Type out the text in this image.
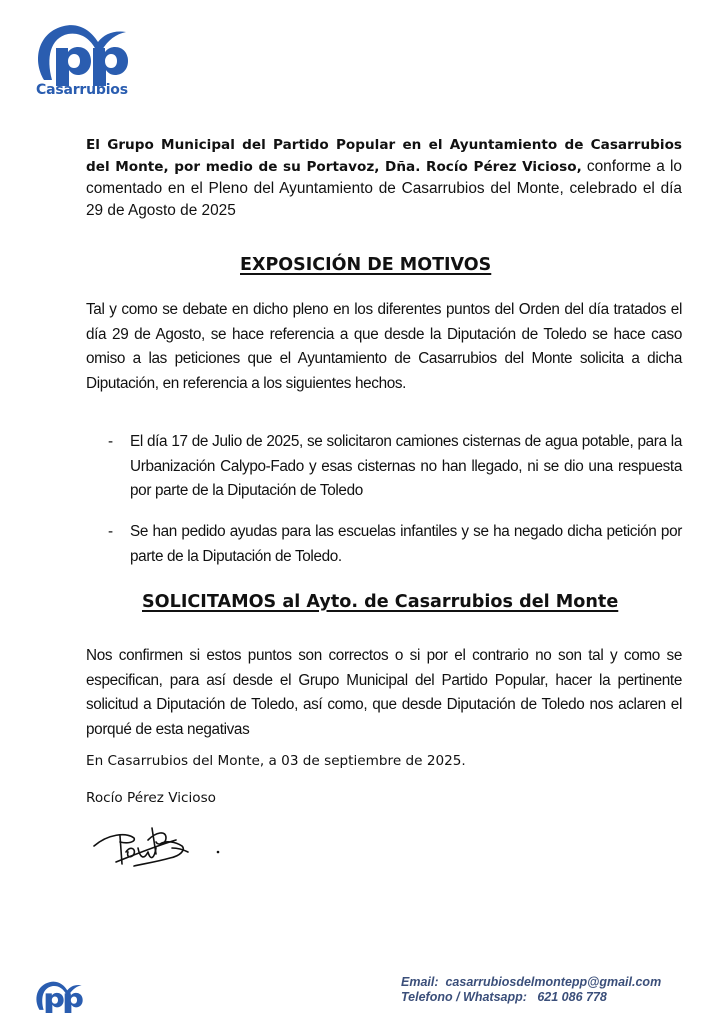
Casarrubios
El Grupo Municipal del Partido Popular en el Ayuntamiento de Casarrubios del Monte, por medio de su Portavoz, Dña. Rocío Pérez Vicioso, conforme a lo comentado en el Pleno del Ayuntamiento de Casarrubios del Monte, celebrado el día 29 de Agosto de 2025
EXPOSICIÓN DE MOTIVOS
Tal y como se debate en dicho pleno en los diferentes puntos del Orden del día tratados el día 29 de Agosto, se hace referencia a que desde la Diputación de Toledo se hace caso omiso a las peticiones que el Ayuntamiento de Casarrubios del Monte solicita a dicha Diputación, en referencia a los siguientes hechos.
-	El día 17 de Julio de 2025, se solicitaron camiones cisternas de agua potable, para la Urbanización Calypo-Fado y esas cisternas no han llegado, ni se dio una respuesta por parte de la Diputación de Toledo
-	Se han pedido ayudas para las escuelas infantiles y se ha negado dicha petición por parte de la Diputación de Toledo.
SOLICITAMOS al Ayto. de Casarrubios del Monte
Nos confirmen si estos puntos son correctos o si por el contrario no son tal y como se especifican, para así desde el Grupo Municipal del Partido Popular, hacer la pertinente solicitud a Diputación de Toledo, así como, que desde Diputación de Toledo nos aclaren el porqué de esta negativas
En Casarrubios del Monte, a 03 de septiembre de 2025.
Rocío Pérez Vicioso
Email: casarrubiosdelmontepp@gmail.com
Telefono / Whatsapp: 621 086 778
